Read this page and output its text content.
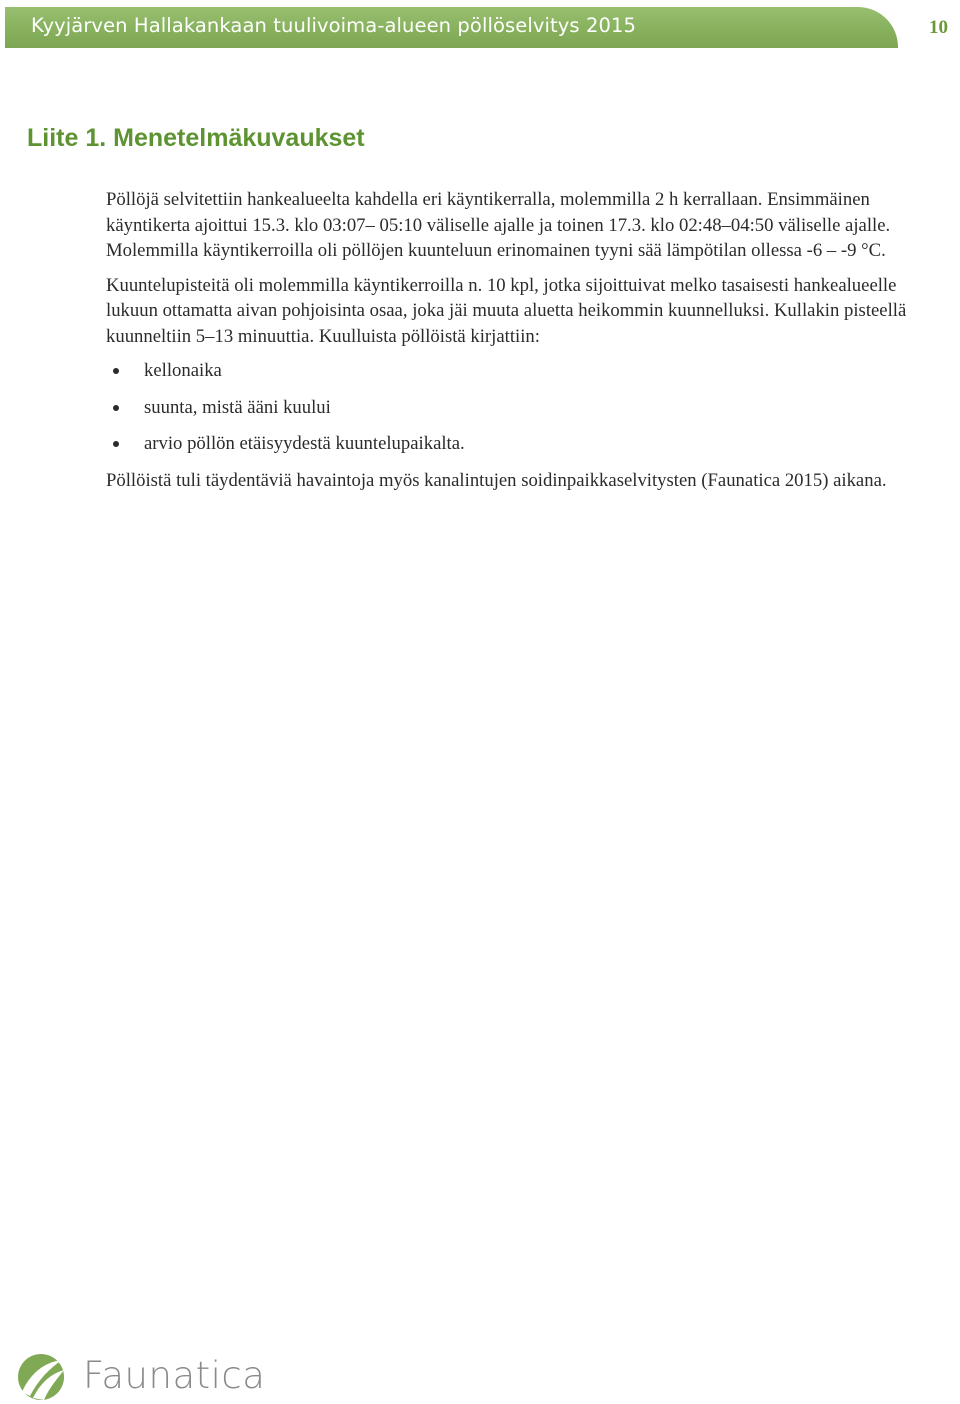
Kyyjärven Hallakankaan tuulivoima-alueen pöllöselvitys 2015	10
Liite 1. Menetelmäkuvaukset

Pöllöjä selvitettiin hankealueelta kahdella eri käyntikerralla, molemmilla 2 h kerrallaan. Ensimmäinen käyntikerta ajoittui 15.3. klo 03:07– 05:10 väliselle ajalle ja toinen 17.3. klo 02:48–04:50 väliselle ajalle. Molemmilla käyntikerroilla oli pöllöjen kuunteluun erinomainen tyyni sää lämpötilan ollessa -6 – -9 °C.

Kuuntelupisteitä oli molemmilla käyntikerroilla n. 10 kpl, jotka sijoittuivat melko tasaisesti hankealueelle lukuun ottamatta aivan pohjoisinta osaa, joka jäi muuta aluetta heikommin kuunnelluksi. Kullakin pisteellä kuunneltiin 5–13 minuuttia. Kuulluista pöllöistä kirjattiin:

kellonaika
suunta, mistä ääni kuului
arvio pöllön etäisyydestä kuuntelupaikalta.

Pöllöistä tuli täydentäviä havaintoja myös kanalintujen soidinpaikkaselvitysten (Faunatica 2015) aikana.

Faunatica
